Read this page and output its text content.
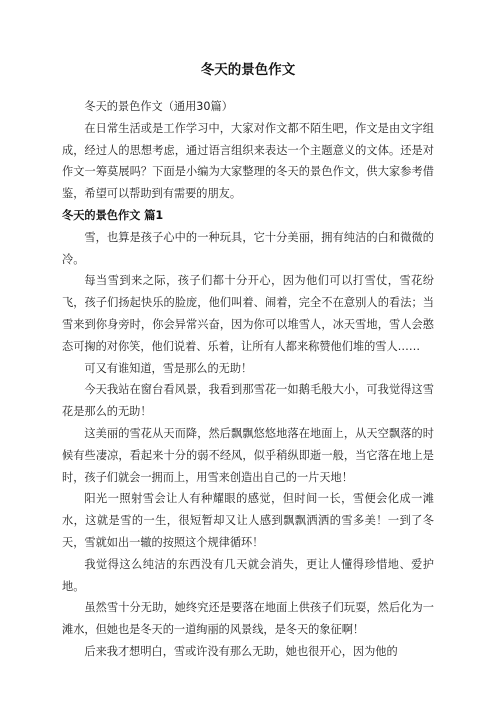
冬天的景色作文

冬天的景色作文（通用30篇）

在日常生活或是工作学习中，大家对作文都不陌生吧，作文是由文字组成，经过人的思想考虑，通过语言组织来表达一个主题意义的文体。还是对作文一筹莫展吗？下面是小编为大家整理的冬天的景色作文，供大家参考借鉴，希望可以帮助到有需要的朋友。

冬天的景色作文 篇1

雪，也算是孩子心中的一种玩具，它十分美丽，拥有纯洁的白和微微的冷。

每当雪到来之际，孩子们都十分开心，因为他们可以打雪仗，雪花纷飞，孩子们扬起快乐的脸庞，他们叫着、闹着，完全不在意别人的看法；当雪来到你身旁时，你会异常兴奋，因为你可以堆雪人，冰天雪地，雪人会憨态可掬的对你笑，他们说着、乐着，让所有人都来称赞他们堆的雪人……

可又有谁知道，雪是那么的无助！

今天我站在窗台看风景，我看到那雪花一如鹅毛般大小，可我觉得这雪花是那么的无助！

这美丽的雪花从天而降，然后飘飘悠悠地落在地面上，从天空飘落的时候有些凄凉，看起来十分的弱不经风，似乎稍纵即逝一般，当它落在地上是时，孩子们就会一拥而上，用雪来创造出自己的一片天地！

阳光一照射雪会让人有种耀眼的感觉，但时间一长，雪便会化成一滩水，这就是雪的一生，很短暂却又让人感到飘飘洒洒的雪多美！一到了冬天，雪就如出一辙的按照这个规律循环！

我觉得这么纯洁的东西没有几天就会消失，更让人懂得珍惜地、爱护地。

虽然雪十分无助，她终究还是要落在地面上供孩子们玩耍，然后化为一滩水，但她也是冬天的一道绚丽的风景线，是冬天的象征啊！

后来我才想明白，雪或许没有那么无助，她也很开心，因为他的
